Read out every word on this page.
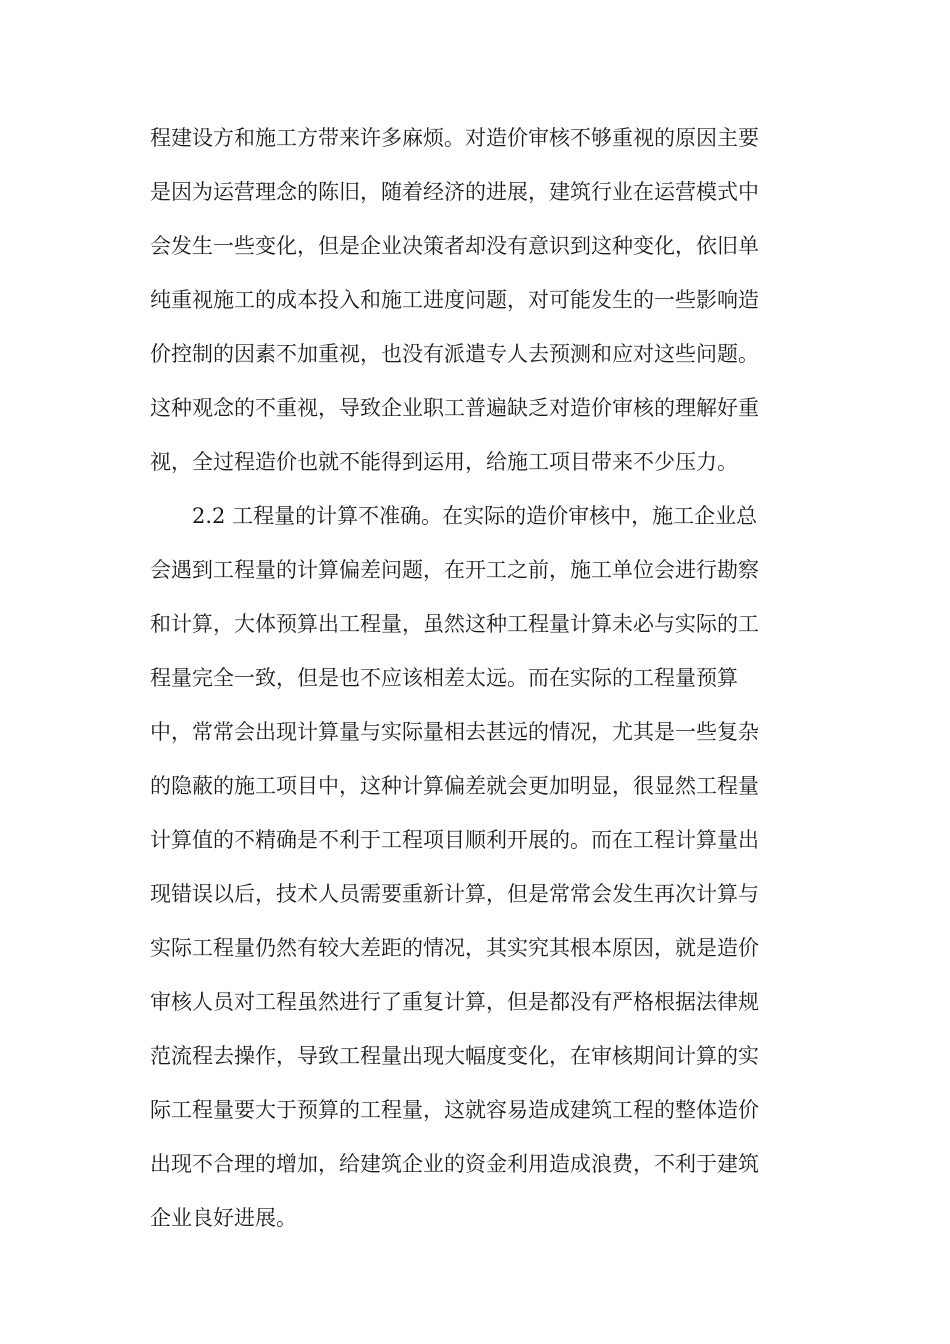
程建设方和施工方带来许多麻烦。对造价审核不够重视的原因主要
是因为运营理念的陈旧，随着经济的进展，建筑行业在运营模式中
会发生一些变化，但是企业决策者却没有意识到这种变化，依旧单
纯重视施工的成本投入和施工进度问题，对可能发生的一些影响造
价控制的因素不加重视，也没有派遣专人去预测和应对这些问题。
这种观念的不重视，导致企业职工普遍缺乏对造价审核的理解好重
视，全过程造价也就不能得到运用，给施工项目带来不少压力。
2.2 工程量的计算不准确。在实际的造价审核中，施工企业总
会遇到工程量的计算偏差问题，在开工之前，施工单位会进行勘察
和计算，大体预算出工程量，虽然这种工程量计算未必与实际的工
程量完全一致，但是也不应该相差太远。而在实际的工程量预算
中，常常会出现计算量与实际量相去甚远的情况，尤其是一些复杂
的隐蔽的施工项目中，这种计算偏差就会更加明显，很显然工程量
计算值的不精确是不利于工程项目顺利开展的。而在工程计算量出
现错误以后，技术人员需要重新计算，但是常常会发生再次计算与
实际工程量仍然有较大差距的情况，其实究其根本原因，就是造价
审核人员对工程虽然进行了重复计算，但是都没有严格根据法律规
范流程去操作，导致工程量出现大幅度变化，在审核期间计算的实
际工程量要大于预算的工程量，这就容易造成建筑工程的整体造价
出现不合理的增加，给建筑企业的资金利用造成浪费，不利于建筑
企业良好进展。
